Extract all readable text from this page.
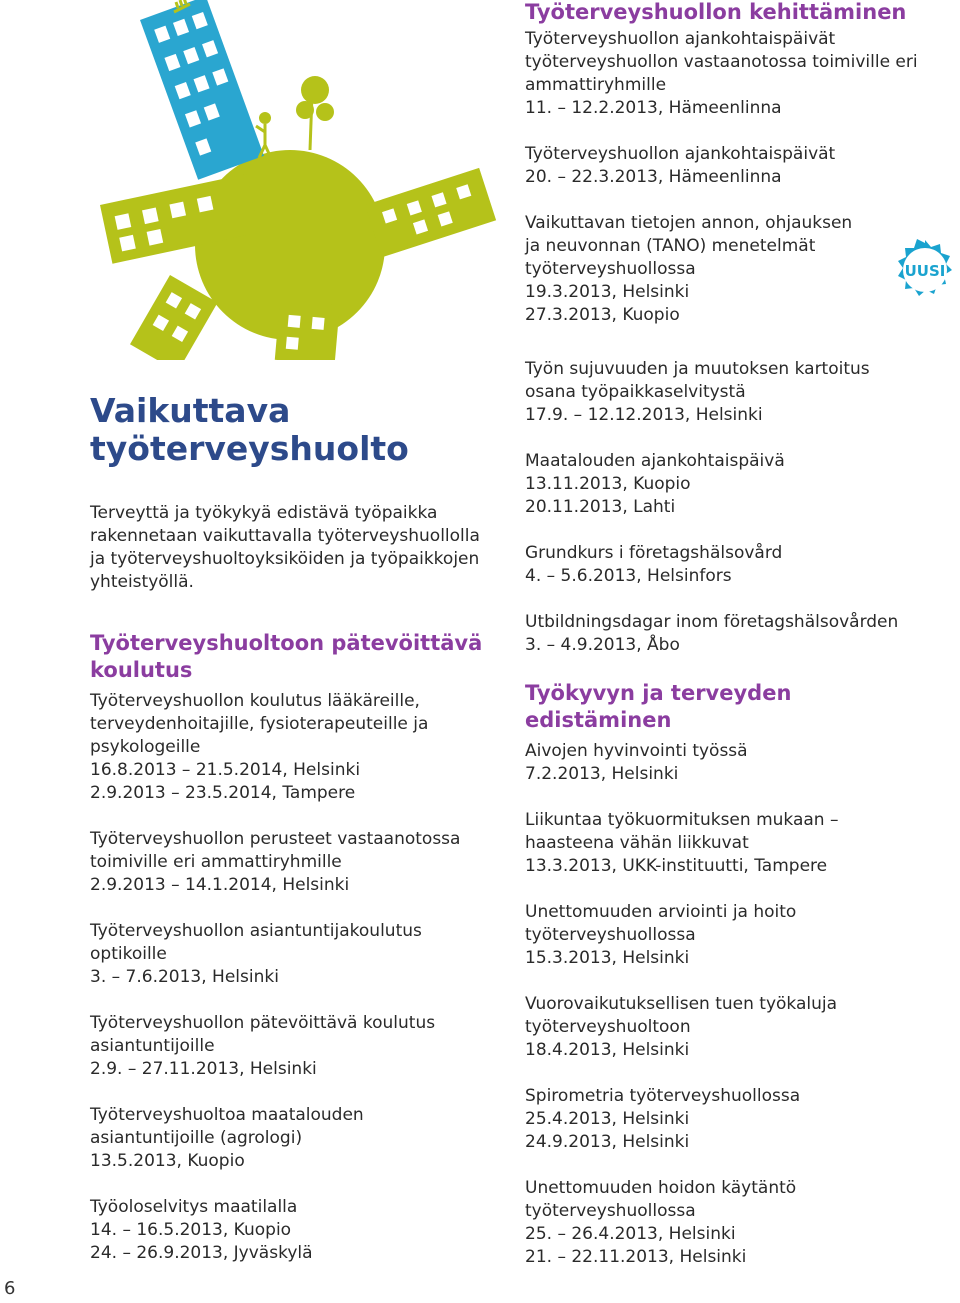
UUSI
Vaikuttava
työterveyshuolto

Terveyttä ja työkykyä edistävä työpaikka

rakennetaan vaikuttavalla työterveyshuollolla

ja työterveyshuoltoyksiköiden ja työpaikkojen

yhteistyöllä.

Työterveyshuoltoon pätevöittävä
koulutus

Työterveyshuollon koulutus lääkäreille,

terveydenhoitajille, fysioterapeuteille ja

psykologeille

16.8.2013 – 21.5.2014, Helsinki

2.9.2013 – 23.5.2014, Tampere

Työterveyshuollon perusteet vastaanotossa

toimiville eri ammattiryhmille

2.9.2013 – 14.1.2014, Helsinki

Työterveyshuollon asiantuntijakoulutus

optikoille

3. – 7.6.2013, Helsinki

Työterveyshuollon pätevöittävä koulutus

asiantuntijoille

2.9. – 27.11.2013, Helsinki

Työterveyshuoltoa maatalouden

asiantuntijoille (agrologi)

13.5.2013, Kuopio

Työoloselvitys maatilalla

14. – 16.5.2013, Kuopio

24. – 26.9.2013, Jyväskylä

Työterveyshuollon kehittäminen

Työterveyshuollon ajankohtaispäivät

työterveyshuollon vastaanotossa toimiville eri

ammattiryhmille

11. – 12.2.2013, Hämeenlinna

Työterveyshuollon ajankohtaispäivät

20. – 22.3.2013, Hämeenlinna

Vaikuttavan tietojen annon, ohjauksen

ja neuvonnan (TANO) menetelmät

työterveyshuollossa

19.3.2013, Helsinki

27.3.2013, Kuopio

Työn sujuvuuden ja muutoksen kartoitus

osana työpaikkaselvitystä

17.9. – 12.12.2013, Helsinki

Maatalouden ajankohtaispäivä

13.11.2013, Kuopio

20.11.2013, Lahti

Grundkurs i företagshälsovård

4. – 5.6.2013, Helsinfors

Utbildningsdagar inom företagshälsovården

3. – 4.9.2013, Åbo

Työkyvyn ja terveyden
edistäminen

Aivojen hyvinvointi työssä

7.2.2013, Helsinki

Liikuntaa työkuormituksen mukaan –

haasteena vähän liikkuvat

13.3.2013, UKK-instituutti, Tampere

Unettomuuden arviointi ja hoito

työterveyshuollossa

15.3.2013, Helsinki

Vuorovaikutuksellisen tuen työkaluja

työterveyshuoltoon

18.4.2013, Helsinki

Spirometria työterveyshuollossa

25.4.2013, Helsinki

24.9.2013, Helsinki

Unettomuuden hoidon käytäntö

työterveyshuollossa

25. – 26.4.2013, Helsinki

21. – 22.11.2013, Helsinki

6
